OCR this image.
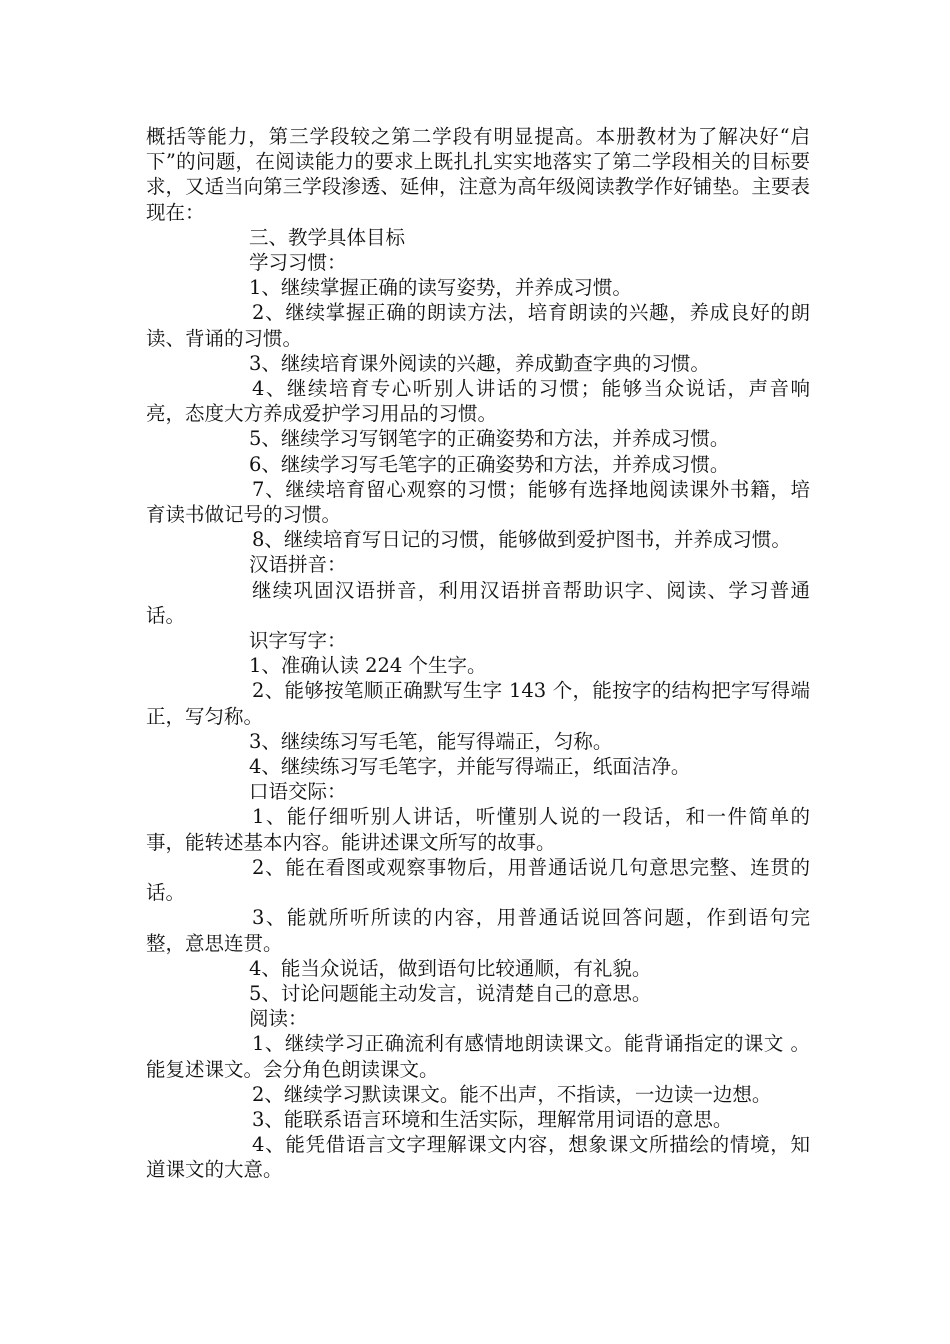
概括等能力，第三学段较之第二学段有明显提高。本册教材为了解决好“启下”的问题，在阅读能力的要求上既扎扎实实地落实了第二学段相关的目标要求，又适当向第三学段渗透、延伸，注意为高年级阅读教学作好铺垫。主要表现在：

三、教学具体目标

学习习惯：

1、继续掌握正确的读写姿势，并养成习惯。

2、继续掌握正确的朗读方法，培育朗读的兴趣，养成良好的朗读、背诵的习惯。

3、继续培育课外阅读的兴趣，养成勤查字典的习惯。

4、继续培育专心听别人讲话的习惯；能够当众说话，声音响亮，态度大方养成爱护学习用品的习惯。

5、继续学习写钢笔字的正确姿势和方法，并养成习惯。

6、继续学习写毛笔字的正确姿势和方法，并养成习惯。

7、继续培育留心观察的习惯；能够有选择地阅读课外书籍，培育读书做记号的习惯。

8、继续培育写日记的习惯，能够做到爱护图书，并养成习惯。

汉语拼音：

继续巩固汉语拼音，利用汉语拼音帮助识字、阅读、学习普通话。

识字写字：

1、准确认读 224 个生字。

2、能够按笔顺正确默写生字 143 个，能按字的结构把字写得端正，写匀称。

3、继续练习写毛笔，能写得端正，匀称。

4、继续练习写毛笔字，并能写得端正，纸面洁净。

口语交际：

1、能仔细听别人讲话，听懂别人说的一段话，和一件简单的事，能转述基本内容。能讲述课文所写的故事。

2、能在看图或观察事物后，用普通话说几句意思完整、连贯的话。

3、能就所听所读的内容，用普通话说回答问题，作到语句完整，意思连贯。

4、能当众说话，做到语句比较通顺，有礼貌。

5、讨论问题能主动发言，说清楚自己的意思。

阅读：

1、继续学习正确流利有感情地朗读课文。能背诵指定的课文 。能复述课文。会分角色朗读课文。

2、继续学习默读课文。能不出声，不指读，一边读一边想。

3、能联系语言环境和生活实际，理解常用词语的意思。

4、能凭借语言文字理解课文内容，想象课文所描绘的情境，知道课文的大意。
